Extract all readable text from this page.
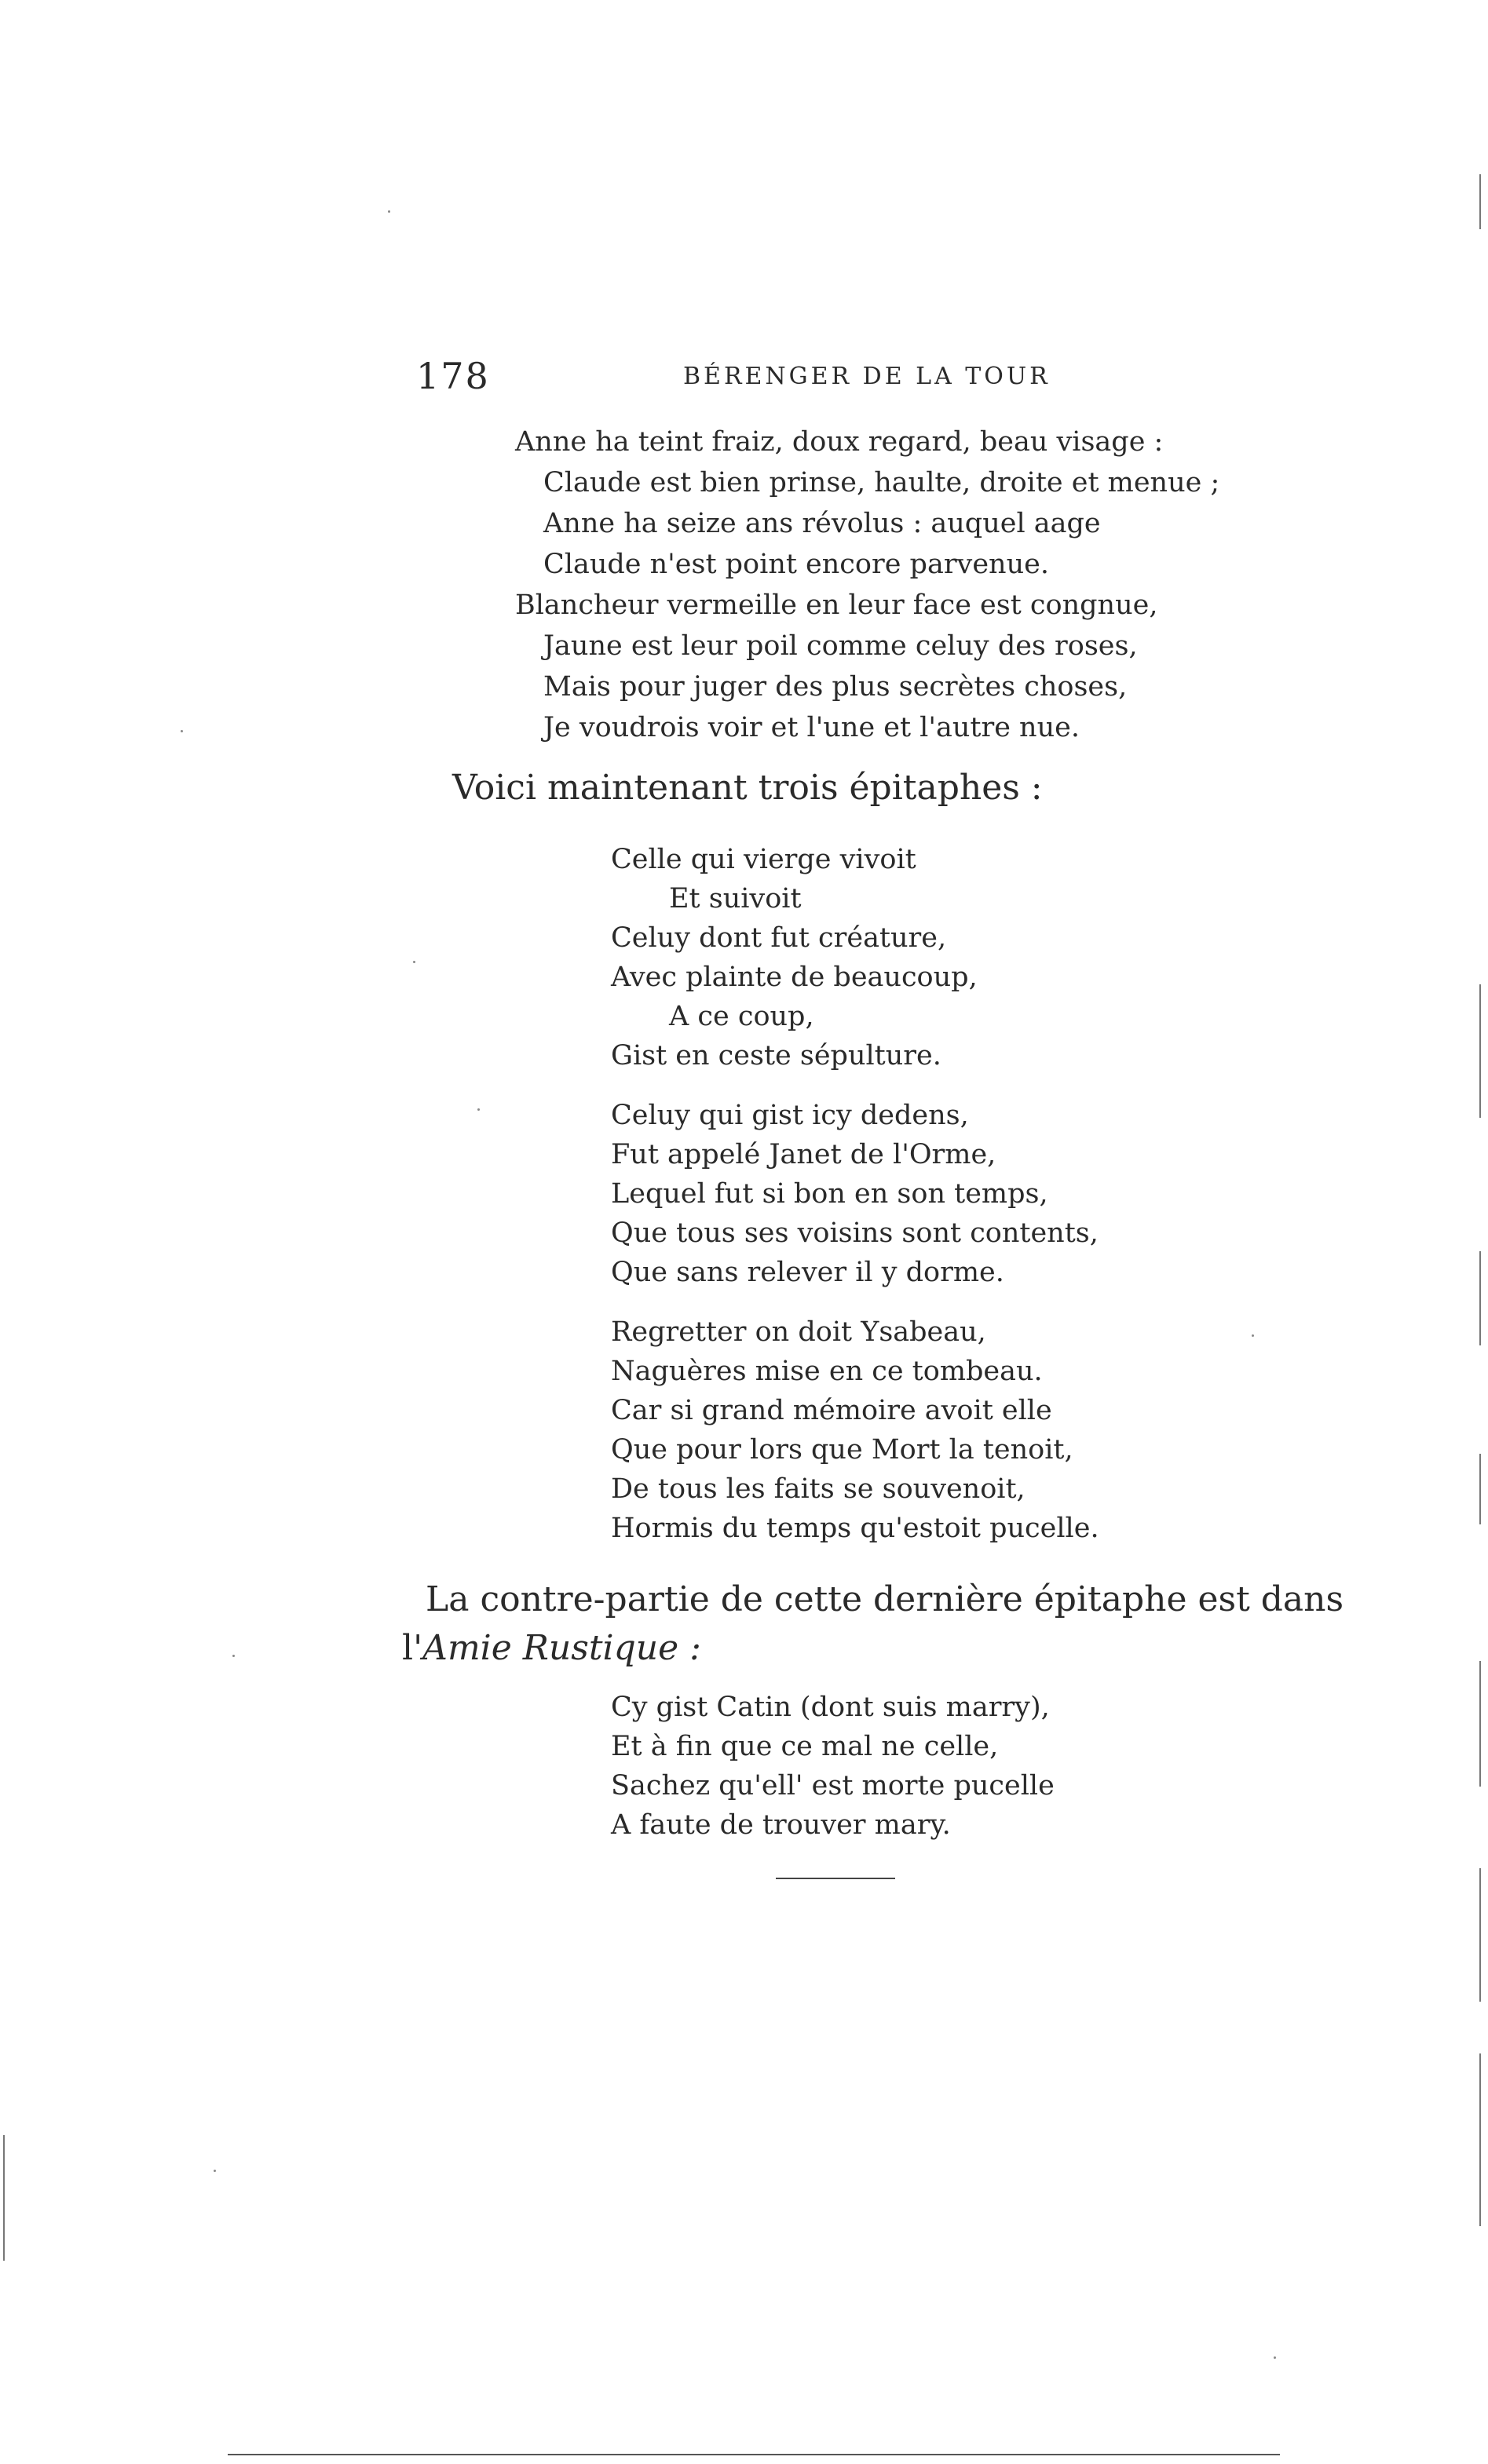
178	BÉRENGER DE LA TOUR
Anne ha teint fraiz, doux regard, beau visage :
Claude est bien prinse, haulte, droite et menue ;
Anne ha seize ans révolus : auquel aage
Claude n'est point encore parvenue.
Blancheur vermeille en leur face est congnue,
Jaune est leur poil comme celuy des roses,
Mais pour juger des plus secrètes choses,
Je voudrois voir et l'une et l'autre nue.
Voici maintenant trois épitaphes :
Celle qui vierge vivoit
Et suivoit
Celuy dont fut créature,
Avec plainte de beaucoup,
A ce coup,
Gist en ceste sépulture.
Celuy qui gist icy dedens,
Fut appelé Janet de l'Orme,
Lequel fut si bon en son temps,
Que tous ses voisins sont contents,
Que sans relever il y dorme.
Regretter on doit Ysabeau,
Naguères mise en ce tombeau.
Car si grand mémoire avoit elle
Que pour lors que Mort la tenoit,
De tous les faits se souvenoit,
Hormis du temps qu'estoit pucelle.
La contre-partie de cette dernière épitaphe est dans
l'Amie Rustique :
Cy gist Catin (dont suis marry),
Et à fin que ce mal ne celle,
Sachez qu'ell' est morte pucelle
A faute de trouver mary.
